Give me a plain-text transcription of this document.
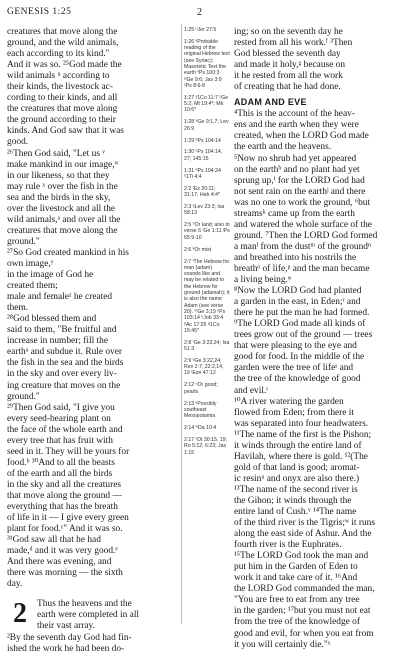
GENESIS 1:25	2

creatures that move along the

ground, and the wild animals,

each according to its kind."

And it was so. ²⁵God made the

wild animals ᵘ according to

their kinds, the livestock ac-

cording to their kinds, and all

the creatures that move along

the ground according to their

kinds. And God saw that it was

good.

²⁶Then God said, "Let us ᵛ

make mankind in our image,ʷ

in our likeness, so that they

may rule ˣ over the fish in the

sea and the birds in the sky,

over the livestock and all the

wild animals,ᵃ and over all the

creatures that move along the

ground."

²⁷So God created mankind in his

own image,ʸ

in the image of God he

created them;

male and femaleᶻ he created

them.

²⁸God blessed them and

said to them, "Be fruitful and

increase in number; fill the

earthᵃ and subdue it. Rule over

the fish in the sea and the birds

in the sky and over every liv-

ing creature that moves on the

ground."

²⁹Then God said, "I give you

every seed-bearing plant on

the face of the whole earth and

every tree that has fruit with

seed in it. They will be yours for

food.ᵇ ³⁰And to all the beasts

of the earth and all the birds

in the sky and all the creatures

that move along the ground —

everything that has the breath

of life in it — I give every green

plant for food.ᶜ" And it was so.

³¹God saw all that he had

made,ᵈ and it was very good.ᵉ

And there was evening, and

there was morning — the sixth

day.

2	Thus the heavens and the

earth were completed in all

their vast array.

²By the seventh day God had fin-

ished the work he had been do-

1:25 ᵘJer 27:5
1:26 ᵛProbable reading of the original Hebrew text (see Syriac); Masoretic Text the earth ᵛPs 100:3 ʷGe 9:6; Jas 3:9 ˣPs 8:6-8
1:27 ʸ1Co 11:7 ᶻGe 5:2; Mt 19:4*; Mk 10:6*
1:28 ᵃGe 9:1,7; Lev 26:9
1:29 ᵇPs 104:14
1:30 ᶜPs 104:14, 27; 145:15
1:31 ᵈPs 104:24 ᵉ1Ti 4:4
2:2 ᶠEx 20:11; 31:17; Heb 4:4*
2:3 ᵍLev 23:3; Isa 58:13
2:5 ʰOr land; also in verse 6 ⁱGe 1:11 ʲPs 65:9-10
2:6 ᵏOr mist
2:7 ˡThe Hebrew for man (adam) sounds like and may be related to the Hebrew for ground (adamah); it is also the name Adam (see verse 20). ᵐGe 3:19 ⁿPs 103:14 ᵒJob 33:4 ᵖAc 17:25 ᵠ1Co 15:45*
2:8 ʳGe 3:23,24; Isa 51:3
2:9 ˢGe 3:22,24; Rev 2:7; 22:2,14, 19 ᵗEze 47:12
2:12 ᵘOr good; pearls
2:13 ᵛPossibly southeast Mesopotamia
2:14 ʷDa 10:4
2:17 ˣDt 30:15, 19; Ro 5:12; 6:23; Jas 1:15

ing; so on the seventh day he

rested from all his work.ᶠ ³Then

God blessed the seventh day

and made it holy,ᵍ because on

it he rested from all the work

of creating that he had done.

ADAM AND EVE

⁴This is the account of the heav-

ens and the earth when they were

created, when the LORD God made

the earth and the heavens.

⁵Now no shrub had yet appeared

on the earthʰ and no plant had yet

sprung up,ⁱ for the LORD God had

not sent rain on the earthʲ and there

was no one to work the ground, ⁶but

streamsᵏ came up from the earth

and watered the whole surface of the

ground. ⁷Then the LORD God formed

a manˡ from the dustᵐ of the groundⁿ

and breathed into his nostrils the

breathᵒ of life,ᵖ and the man became

a living being.ᵠ

⁸Now the LORD God had planted

a garden in the east, in Eden;ʳ and

there he put the man he had formed.

⁹The LORD God made all kinds of

trees grow out of the ground — trees

that were pleasing to the eye and

good for food. In the middle of the

garden were the tree of lifeˢ and

the tree of the knowledge of good

and evil.ᵗ

¹⁰A river watering the garden

flowed from Eden; from there it

was separated into four headwaters.

¹¹The name of the first is the Pishon;

it winds through the entire land of

Havilah, where there is gold. ¹²(The

gold of that land is good; aromat-

ic resinᵘ and onyx are also there.)

¹³The name of the second river is

the Gihon; it winds through the

entire land of Cush.ᵛ ¹⁴The name

of the third river is the Tigris;ʷ it runs

along the east side of Ashur. And the

fourth river is the Euphrates.

¹⁵The LORD God took the man and

put him in the Garden of Eden to

work it and take care of it. ¹⁶And

the LORD God commanded the man,

"You are free to eat from any tree

in the garden; ¹⁷but you must not eat

from the tree of the knowledge of

good and evil, for when you eat from

it you will certainly die."ˣ
